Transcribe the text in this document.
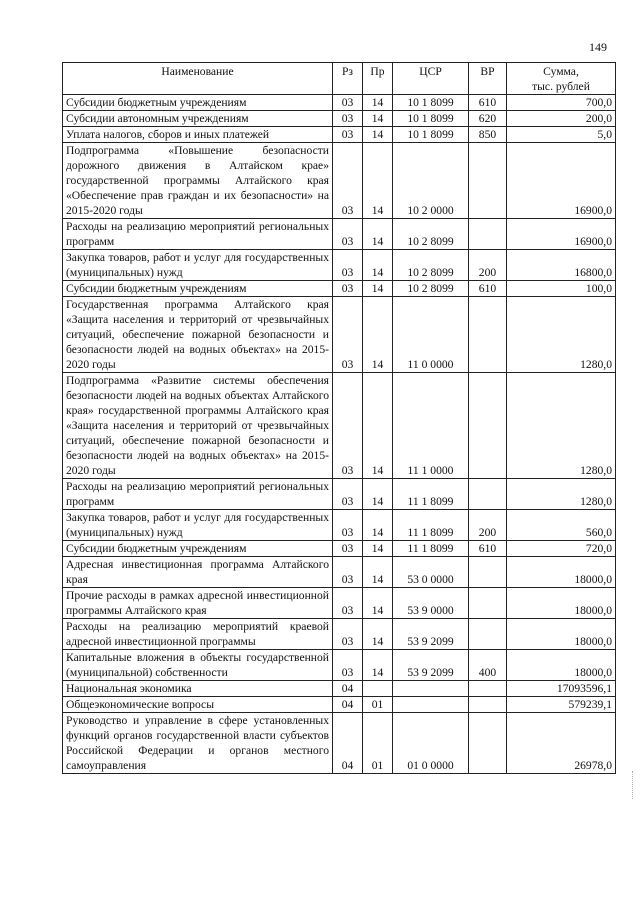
149
Наименование	Рз	Пр	ЦСР	ВР	Сумма,
тыс. рублей

Субсидии бюджетным учреждениям	03	14	10 1 8099	610	700,0
Субсидии автономным учреждениям	03	14	10 1 8099	620	200,0
Уплата налогов, сборов и иных платежей	03	14	10 1 8099	850	5,0
Подпрограмма «Повышение безопасности дорожного движения в Алтайском крае» государственной программы Алтайского края «Обеспечение прав граждан и их безопасности» на 2015-2020 годы	03	14	10 2 0000		16900,0
Расходы на реализацию мероприятий региональных программ	03	14	10 2 8099		16900,0
Закупка товаров, работ и услуг для государственных (муниципальных) нужд	03	14	10 2 8099	200	16800,0
Субсидии бюджетным учреждениям	03	14	10 2 8099	610	100,0
Государственная программа Алтайского края «Защита населения и территорий от чрезвычайных ситуаций, обеспечение пожарной безопасности и безопасности людей на водных объектах» на 2015-2020 годы	03	14	11 0 0000		1280,0
Подпрограмма «Развитие системы обеспечения безопасности людей на водных объектах Алтайского края» государственной программы Алтайского края «Защита населения и территорий от чрезвычайных ситуаций, обеспечение пожарной безопасности и безопасности людей на водных объектах» на 2015-2020 годы	03	14	11 1 0000		1280,0
Расходы на реализацию мероприятий региональных программ	03	14	11 1 8099		1280,0
Закупка товаров, работ и услуг для государственных (муниципальных) нужд	03	14	11 1 8099	200	560,0
Субсидии бюджетным учреждениям	03	14	11 1 8099	610	720,0
Адресная инвестиционная программа Алтайского края	03	14	53 0 0000		18000,0
Прочие расходы в рамках адресной инвестиционной программы Алтайского края	03	14	53 9 0000		18000,0
Расходы на реализацию мероприятий краевой адресной инвестиционной программы	03	14	53 9 2099		18000,0
Капитальные вложения в объекты государственной (муниципальной) собственности	03	14	53 9 2099	400	18000,0
Национальная экономика	04				17093596,1
Общеэкономические вопросы	04	01			579239,1
Руководство и управление в сфере установленных функций органов государственной власти субъектов Российской Федерации и органов местного самоуправления	04	01	01 0 0000		26978,0
